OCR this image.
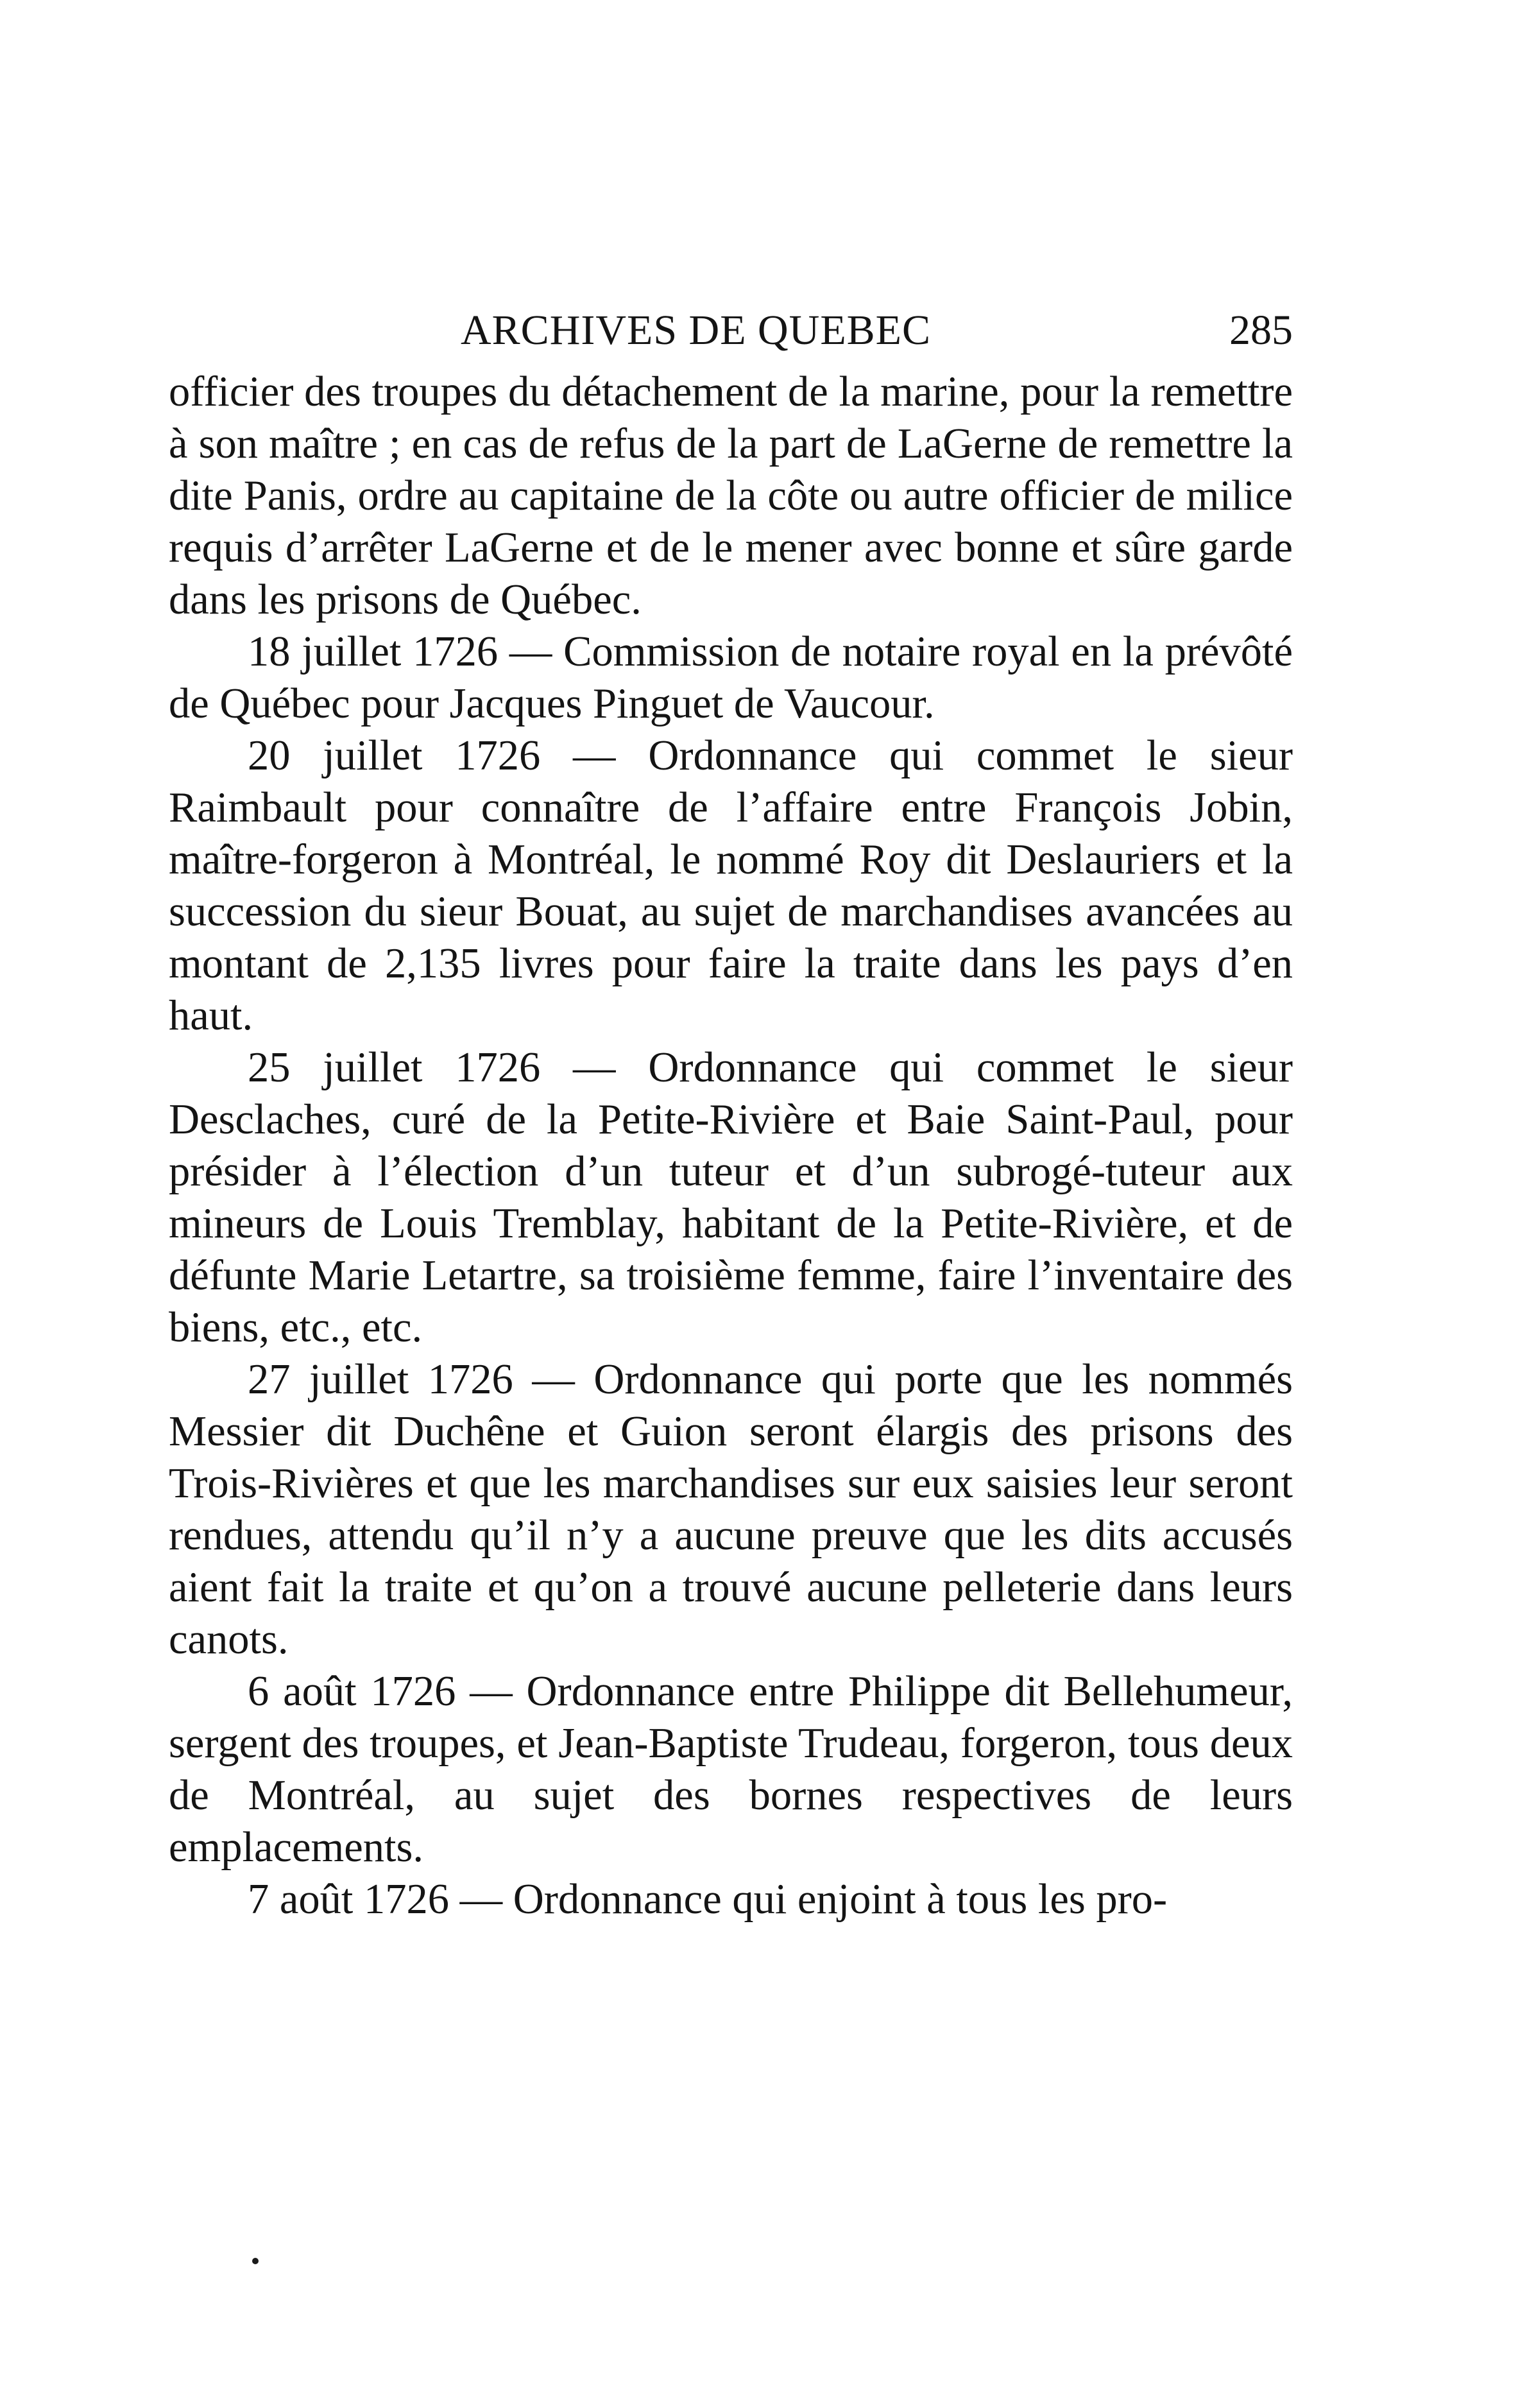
ARCHIVES DE QUEBEC	285

officier des troupes du détachement de la marine, pour la remettre à son maître ; en cas de refus de la part de LaGerne de remettre la dite Panis, ordre au capitaine de la côte ou autre officier de milice requis d’arrêter LaGerne et de le mener avec bonne et sûre garde dans les prisons de Québec.

18 juillet 1726 — Commission de notaire royal en la prévôté de Québec pour Jacques Pinguet de Vaucour.

20 juillet 1726 — Ordonnance qui commet le sieur Raimbault pour connaître de l’affaire entre François Jobin, maître-forgeron à Montréal, le nommé Roy dit Deslauriers et la succession du sieur Bouat, au sujet de marchandises avancées au montant de 2,135 livres pour faire la traite dans les pays d’en haut.

25 juillet 1726 — Ordonnance qui commet le sieur Desclaches, curé de la Petite-Rivière et Baie Saint-Paul, pour présider à l’élection d’un tuteur et d’un subrogé-tuteur aux mineurs de Louis Tremblay, habitant de la Petite-Rivière, et de défunte Marie Letartre, sa troisième femme, faire l’inventaire des biens, etc., etc.

27 juillet 1726 — Ordonnance qui porte que les nommés Messier dit Duchêne et Guion seront élargis des prisons des Trois-Rivières et que les marchandises sur eux saisies leur seront rendues, attendu qu’il n’y a aucune preuve que les dits accusés aient fait la traite et qu’on a trouvé aucune pelleterie dans leurs canots.

6 août 1726 — Ordonnance entre Philippe dit Bellehumeur, sergent des troupes, et Jean-Baptiste Trudeau, forgeron, tous deux de Montréal, au sujet des bornes respectives de leurs emplacements.

7 août 1726 — Ordonnance qui enjoint à tous les pro-
